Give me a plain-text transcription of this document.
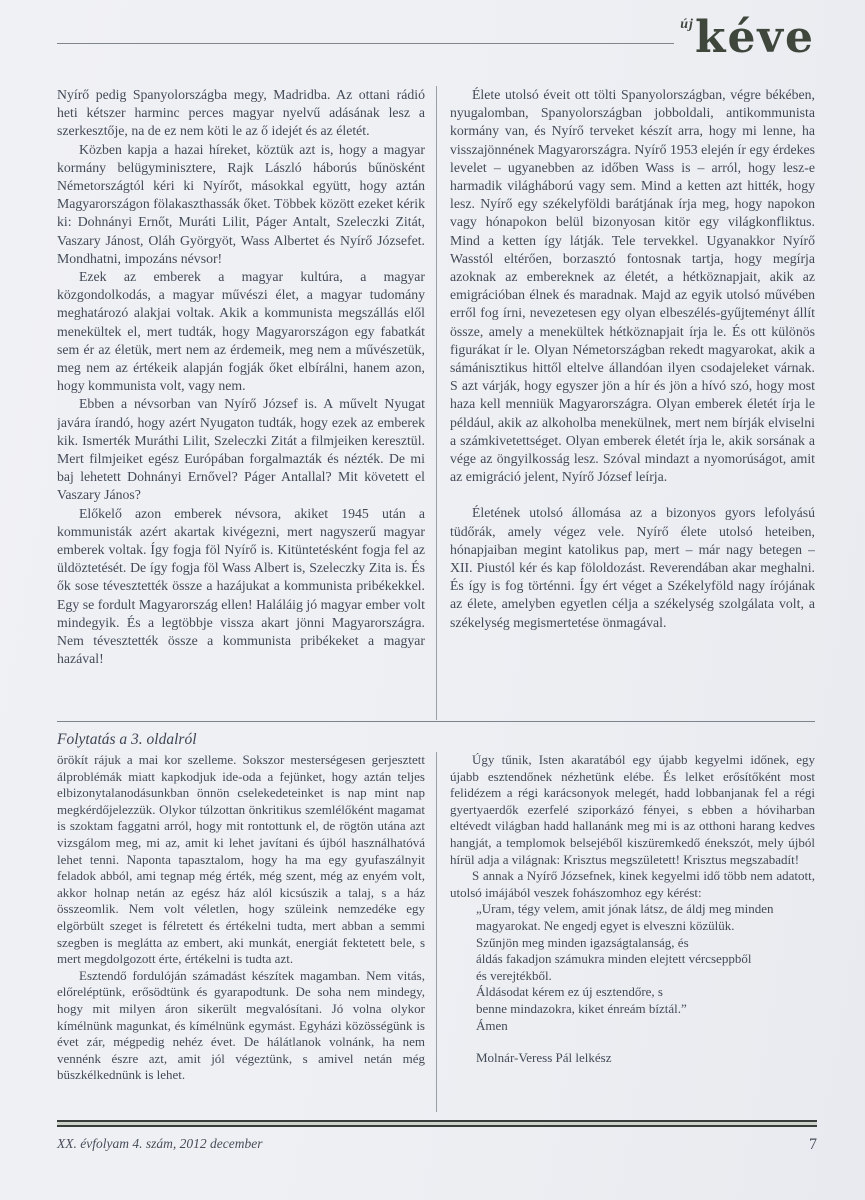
újkéve

Nyírő pedig Spanyolországba megy, Madridba. Az ottani rádió heti kétszer harminc perces magyar nyelvű adásának lesz a szerkesztője, na de ez nem köti le az ő idejét és az életét.

Közben kapja a hazai híreket, köztük azt is, hogy a magyar kormány belügyminisztere, Rajk László háborús bűnösként Németországtól kéri ki Nyírőt, másokkal együtt, hogy aztán Magyarországon fölakaszthassák őket. Többek között ezeket kérik ki: Dohnányi Ernőt, Muráti Lilit, Páger Antalt, Szeleczki Zitát, Vaszary Jánost, Oláh Györgyöt, Wass Albertet és Nyírő Józsefet. Mondhatni, impozáns névsor!

Ezek az emberek a magyar kultúra, a magyar közgondolkodás, a magyar művészi élet, a magyar tudomány meghatározó alakjai voltak. Akik a kommunista megszállás elől menekültek el, mert tudták, hogy Magyarországon egy fabatkát sem ér az életük, mert nem az érdemeik, meg nem a művészetük, meg nem az értékeik alapján fogják őket elbírálni, hanem azon, hogy kommunista volt, vagy nem.

Ebben a névsorban van Nyírő József is. A művelt Nyugat javára írandó, hogy azért Nyugaton tudták, hogy ezek az emberek kik. Ismerték Muráthi Lilit, Szeleczki Zitát a filmjeiken keresztül. Mert filmjeiket egész Európában forgalmazták és nézték. De mi baj lehetett Dohnányi Ernővel? Páger Antallal? Mit követett el Vaszary János?

Előkelő azon emberek névsora, akiket 1945 után a kommunisták azért akartak kivégezni, mert nagyszerű magyar emberek voltak. Így fogja föl Nyírő is. Kitüntetésként fogja fel az üldöztetését. De így fogja föl Wass Albert is, Szeleczky Zita is. És ők sose tévesztették össze a hazájukat a kommunista pribékekkel. Egy se fordult Magyarország ellen! Haláláig jó magyar ember volt mindegyik. És a legtöbbje vissza akart jönni Magyarországra. Nem tévesztették össze a kommunista pribékeket a magyar hazával!

Élete utolsó éveit ott tölti Spanyolországban, végre békében, nyugalomban, Spanyolországban jobboldali, antikommunista kormány van, és Nyírő terveket készít arra, hogy mi lenne, ha visszajönnének Magyarországra. Nyírő 1953 elején ír egy érdekes levelet – ugyanebben az időben Wass is – arról, hogy lesz-e harmadik világháború vagy sem. Mind a ketten azt hitték, hogy lesz. Nyírő egy székelyföldi barátjának írja meg, hogy napokon vagy hónapokon belül bizonyosan kitör egy világkonfliktus. Mind a ketten így látják. Tele tervekkel. Ugyanakkor Nyírő Wasstól eltérően, borzasztó fontosnak tartja, hogy megírja azoknak az embereknek az életét, a hétköznapjait, akik az emigrációban élnek és maradnak. Majd az egyik utolsó művében erről fog írni, nevezetesen egy olyan elbeszélés-gyűjteményt állít össze, amely a menekültek hétköznapjait írja le. És ott különös figurákat ír le. Olyan Németországban rekedt magyarokat, akik a sámánisztikus hittől eltelve állandóan ilyen csodajeleket várnak. S azt várják, hogy egyszer jön a hír és jön a hívó szó, hogy most haza kell menniük Magyarországra. Olyan emberek életét írja le például, akik az alkoholba menekülnek, mert nem bírják elviselni a számkivetettséget. Olyan emberek életét írja le, akik sorsának a vége az öngyilkosság lesz. Szóval mindazt a nyomorúságot, amit az emigráció jelent, Nyírő József leírja.

Életének utolsó állomása az a bizonyos gyors lefolyású tüdőrák, amely végez vele. Nyírő élete utolsó heteiben, hónapjaiban megint katolikus pap, mert – már nagy betegen – XII. Piustól kér és kap föloldozást. Reverendában akar meghalni. És így is fog történni. Így ért véget a Székelyföld nagy írójának az élete, amelyben egyetlen célja a székelység szolgálata volt, a székelység megismertetése önmagával.

Folytatás a 3. oldalról

örökít rájuk a mai kor szelleme. Sokszor mesterségesen gerjesztett álproblémák miatt kapkodjuk ide-oda a fejünket, hogy aztán teljes elbizonytalanodásunkban önnön cselekedeteinket is nap mint nap megkérdőjelezzük. Olykor túlzottan önkritikus szemlélőként magamat is szoktam faggatni arról, hogy mit rontottunk el, de rögtön utána azt vizsgálom meg, mi az, amit ki lehet javítani és újból használhatóvá lehet tenni. Naponta tapasztalom, hogy ha ma egy gyufaszálnyit feladok abból, ami tegnap még érték, még szent, még az enyém volt, akkor holnap netán az egész ház alól kicsúszik a talaj, s a ház összeomlik. Nem volt véletlen, hogy szüleink nemzedéke egy elgörbült szeget is félretett és értékelni tudta, mert abban a semmi szegben is meglátta az embert, aki munkát, energiát fektetett bele, s mert megdolgozott érte, értékelni is tudta azt.

Esztendő fordulóján számadást készítek magamban. Nem vitás, előreléptünk, erősödtünk és gyarapodtunk. De soha nem mindegy, hogy mit milyen áron sikerült megvalósítani. Jó volna olykor kímélnünk magunkat, és kímélnünk egymást. Egyházi közösségünk is évet zár, mégpedig nehéz évet. De hálátlanok volnánk, ha nem vennénk észre azt, amit jól végeztünk, s amivel netán még büszkélkednünk is lehet.

Úgy tűnik, Isten akaratából egy újabb kegyelmi időnek, egy újabb esztendőnek nézhetünk elébe. És lelket erősítőként most felidézem a régi karácsonyok melegét, hadd lobbanjanak fel a régi gyertyaerdők ezerfelé sziporkázó fényei, s ebben a hóviharban eltévedt világban hadd hallanánk meg mi is az otthoni harang kedves hangját, a templomok belsejéből kiszüremkedő énekszót, mely újból hírül adja a világnak: Krisztus megszületett! Krisztus megszabadít!

S annak a Nyírő Józsefnek, kinek kegyelmi idő több nem adatott, utolsó imájából veszek fohászomhoz egy kérést:

„Uram, tégy velem, amit jónak látsz, de áldj meg minden
magyarokat. Ne engedj egyet is elveszni közülük.
Szűnjön meg minden igazságtalanság, és
áldás fakadjon számukra minden elejtett vércseppből
és verejtékből.
Áldásodat kérem ez új esztendőre, s
benne mindazokra, kiket énreám bíztál.”
Ámen

Molnár-Veress Pál lelkész

XX. évfolyam 4. szám, 2012 december	7
